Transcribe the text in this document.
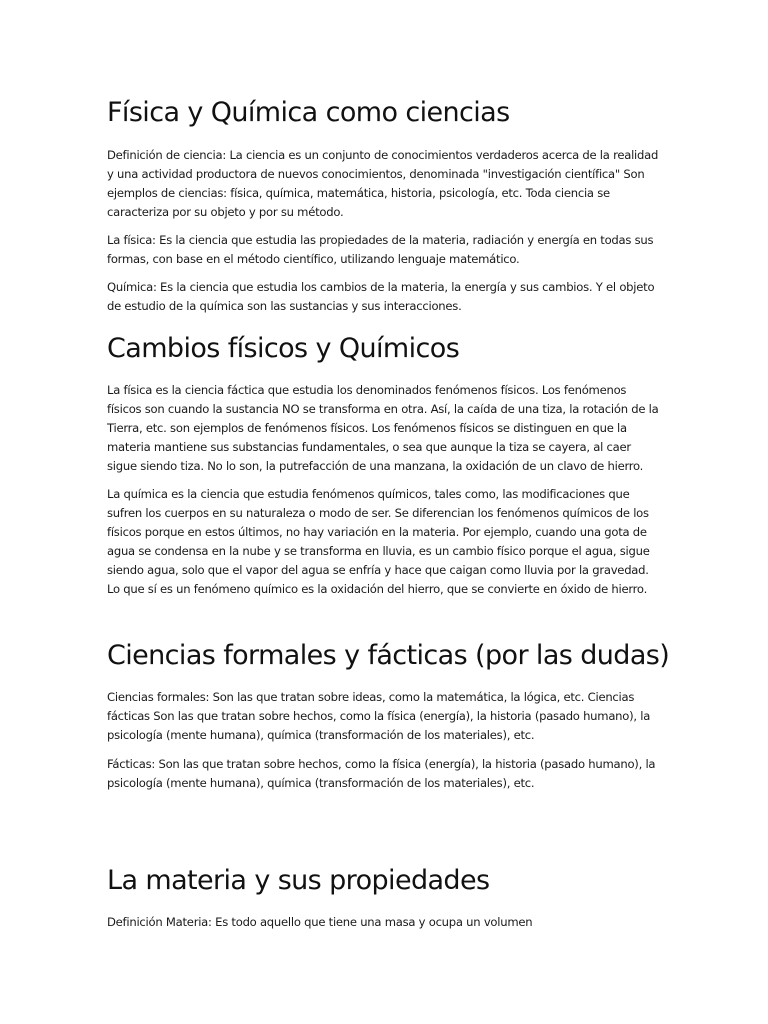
Física y Química como ciencias

Definición de ciencia: La ciencia es un conjunto de conocimientos verdaderos acerca de la realidad y una actividad productora de nuevos conocimientos, denominada "investigación científica" Son ejemplos de ciencias: física, química, matemática, historia, psicología, etc. Toda ciencia se caracteriza por su objeto y por su método.

La física: Es la ciencia que estudia las propiedades de la materia, radiación y energía en todas sus formas, con base en el método científico, utilizando lenguaje matemático.

Química: Es la ciencia que estudia los cambios de la materia, la energía y sus cambios. Y el objeto de estudio de la química son las sustancias y sus interacciones.

Cambios físicos y Químicos

La física es la ciencia fáctica que estudia los denominados fenómenos físicos. Los fenómenos físicos son cuando la sustancia NO se transforma en otra. Así, la caída de una tiza, la rotación de la Tierra, etc. son ejemplos de fenómenos físicos. Los fenómenos físicos se distinguen en que la materia mantiene sus substancias fundamentales, o sea que aunque la tiza se cayera, al caer sigue siendo tiza. No lo son, la putrefacción de una manzana, la oxidación de un clavo de hierro.

La química es la ciencia que estudia fenómenos químicos, tales como, las modificaciones que sufren los cuerpos en su naturaleza o modo de ser. Se diferencian los fenómenos químicos de los físicos porque en estos últimos, no hay variación en la materia. Por ejemplo, cuando una gota de agua se condensa en la nube y se transforma en lluvia, es un cambio físico porque el agua, sigue siendo agua, solo que el vapor del agua se enfría y hace que caigan como lluvia por la gravedad. Lo que sí es un fenómeno químico es la oxidación del hierro, que se convierte en óxido de hierro.

Ciencias formales y fácticas (por las dudas)

Ciencias formales: Son las que tratan sobre ideas, como la matemática, la lógica, etc. Ciencias fácticas Son las que tratan sobre hechos, como la física (energía), la historia (pasado humano), la psicología (mente humana), química (transformación de los materiales), etc.

Fácticas: Son las que tratan sobre hechos, como la física (energía), la historia (pasado humano), la psicología (mente humana), química (transformación de los materiales), etc.

La materia y sus propiedades

Definición Materia: Es todo aquello que tiene una masa y ocupa un volumen
